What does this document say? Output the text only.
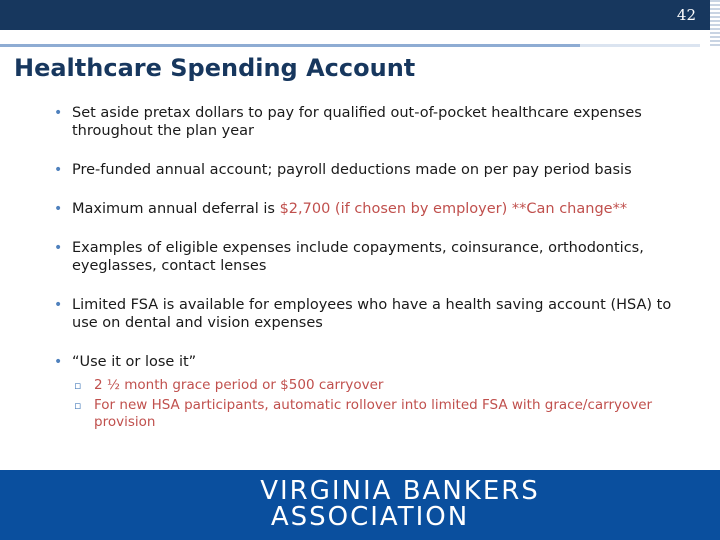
42
Healthcare Spending Account
• Set aside pretax dollars to pay for qualified out-of-pocket healthcare expenses throughout the plan year
• Pre-funded annual account; payroll deductions made on per pay period basis
• Maximum annual deferral is $2,700 (if chosen by employer) **Can change**
• Examples of eligible expenses include copayments, coinsurance, orthodontics, eyeglasses, contact lenses
• Limited FSA is available for employees who have a health saving account (HSA) to use on dental and vision expenses
• “Use it or lose it”
▫ 2 ½ month grace period or $500 carryover
▫ For new HSA participants, automatic rollover into limited FSA with grace/carryover provision
VIRGINIA BANKERS
ASSOCIATION
